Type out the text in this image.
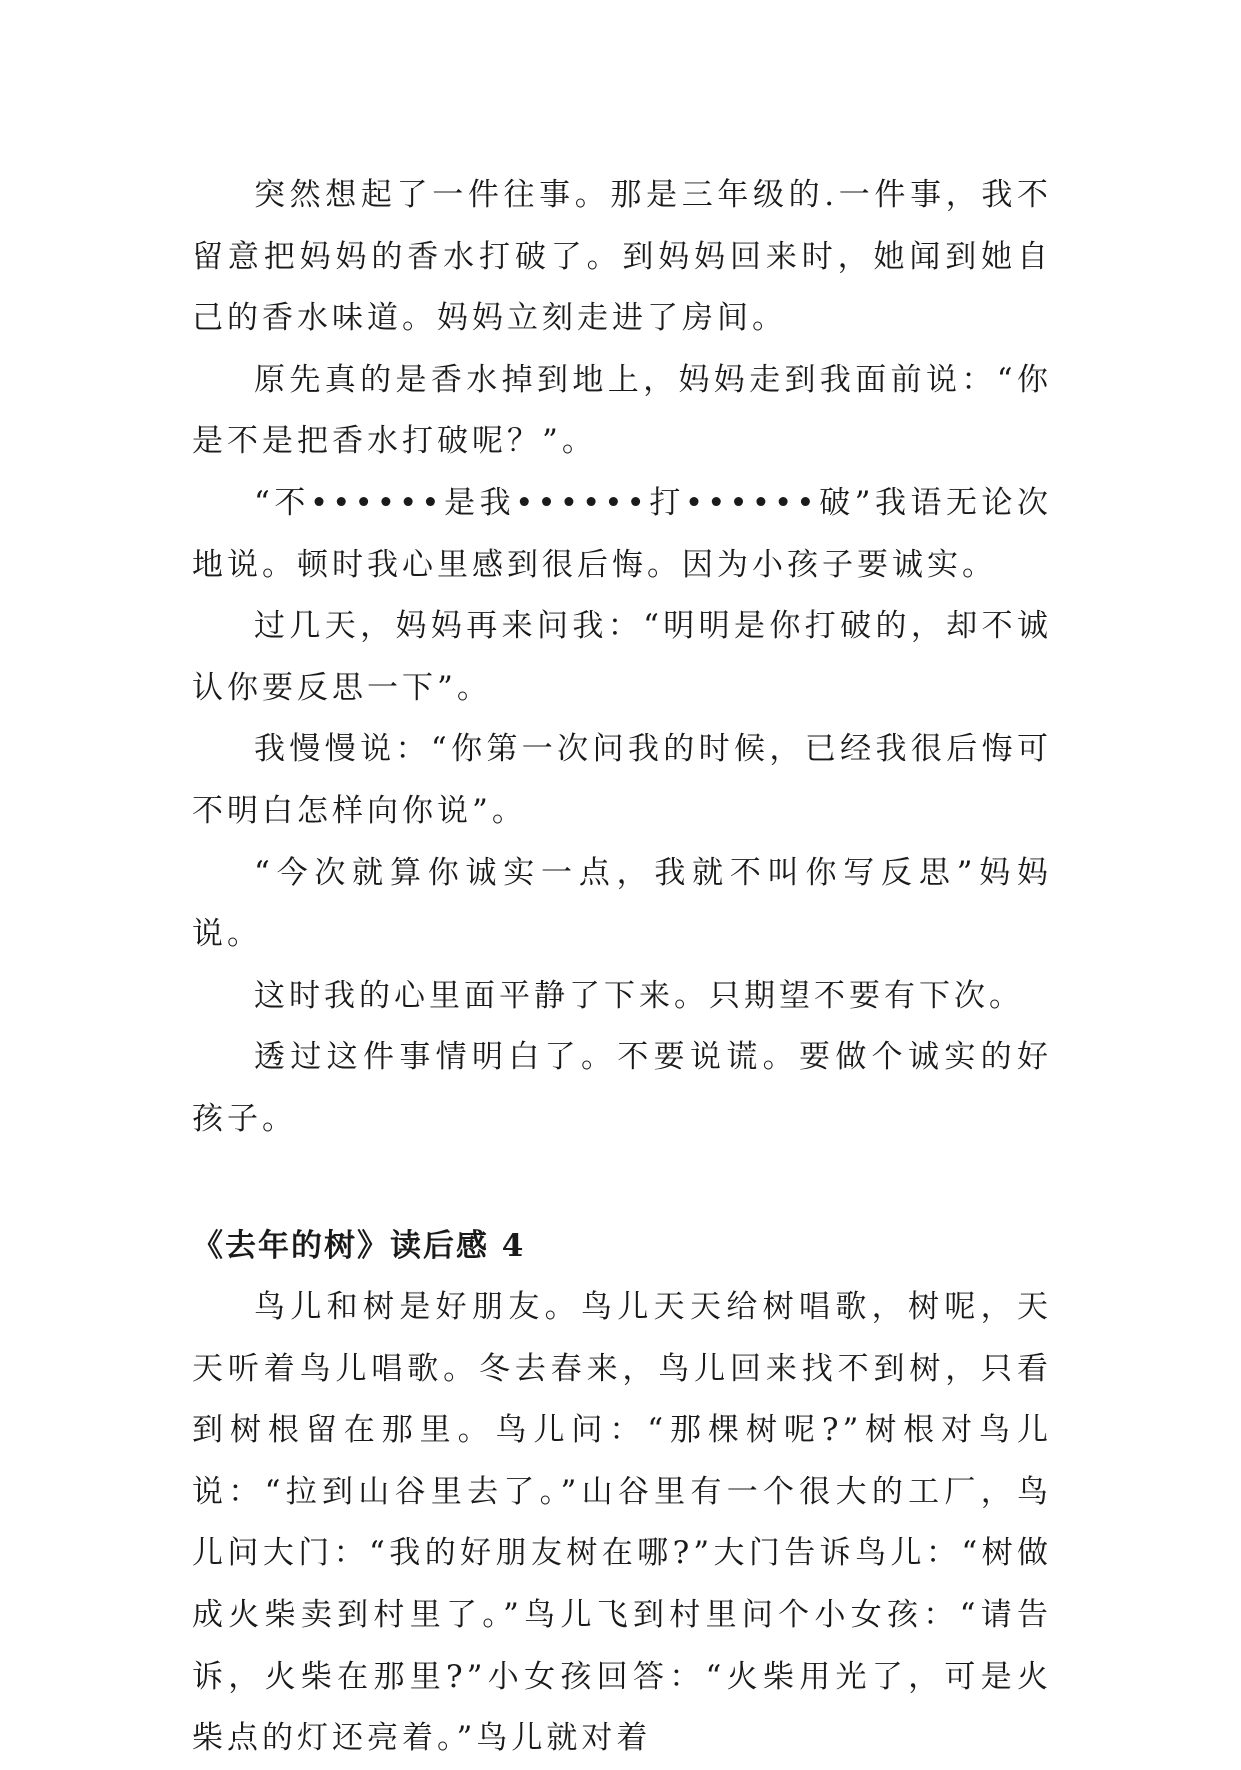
突然想起了一件往事。那是三年级的.一件事，我不留意把妈妈的香水打破了。到妈妈回来时，她闻到她自己的香水味道。妈妈立刻走进了房间。

原先真的是香水掉到地上，妈妈走到我面前说：“你是不是把香水打破呢？”。

“不••••••是我••••••打••••••破”我语无论次地说。顿时我心里感到很后悔。因为小孩子要诚实。

过几天，妈妈再来问我：“明明是你打破的，却不诚认你要反思一下”。

我慢慢说：“你第一次问我的时候，已经我很后悔可不明白怎样向你说”。

“今次就算你诚实一点，我就不叫你写反思”妈妈说。

这时我的心里面平静了下来。只期望不要有下次。

透过这件事情明白了。不要说谎。要做个诚实的好孩子。

《去年的树》读后感 4

鸟儿和树是好朋友。鸟儿天天给树唱歌，树呢，天天听着鸟儿唱歌。冬去春来，鸟儿回来找不到树，只看到树根留在那里。鸟儿问：“那棵树呢?”树根对鸟儿说：“拉到山谷里去了。”山谷里有一个很大的工厂，鸟儿问大门：“我的好朋友树在哪?”大门告诉鸟儿：“树做成火柴卖到村里了。”鸟儿飞到村里问个小女孩：“请告诉，火柴在那里?”小女孩回答：“火柴用光了，可是火柴点的灯还亮着。”鸟儿就对着
